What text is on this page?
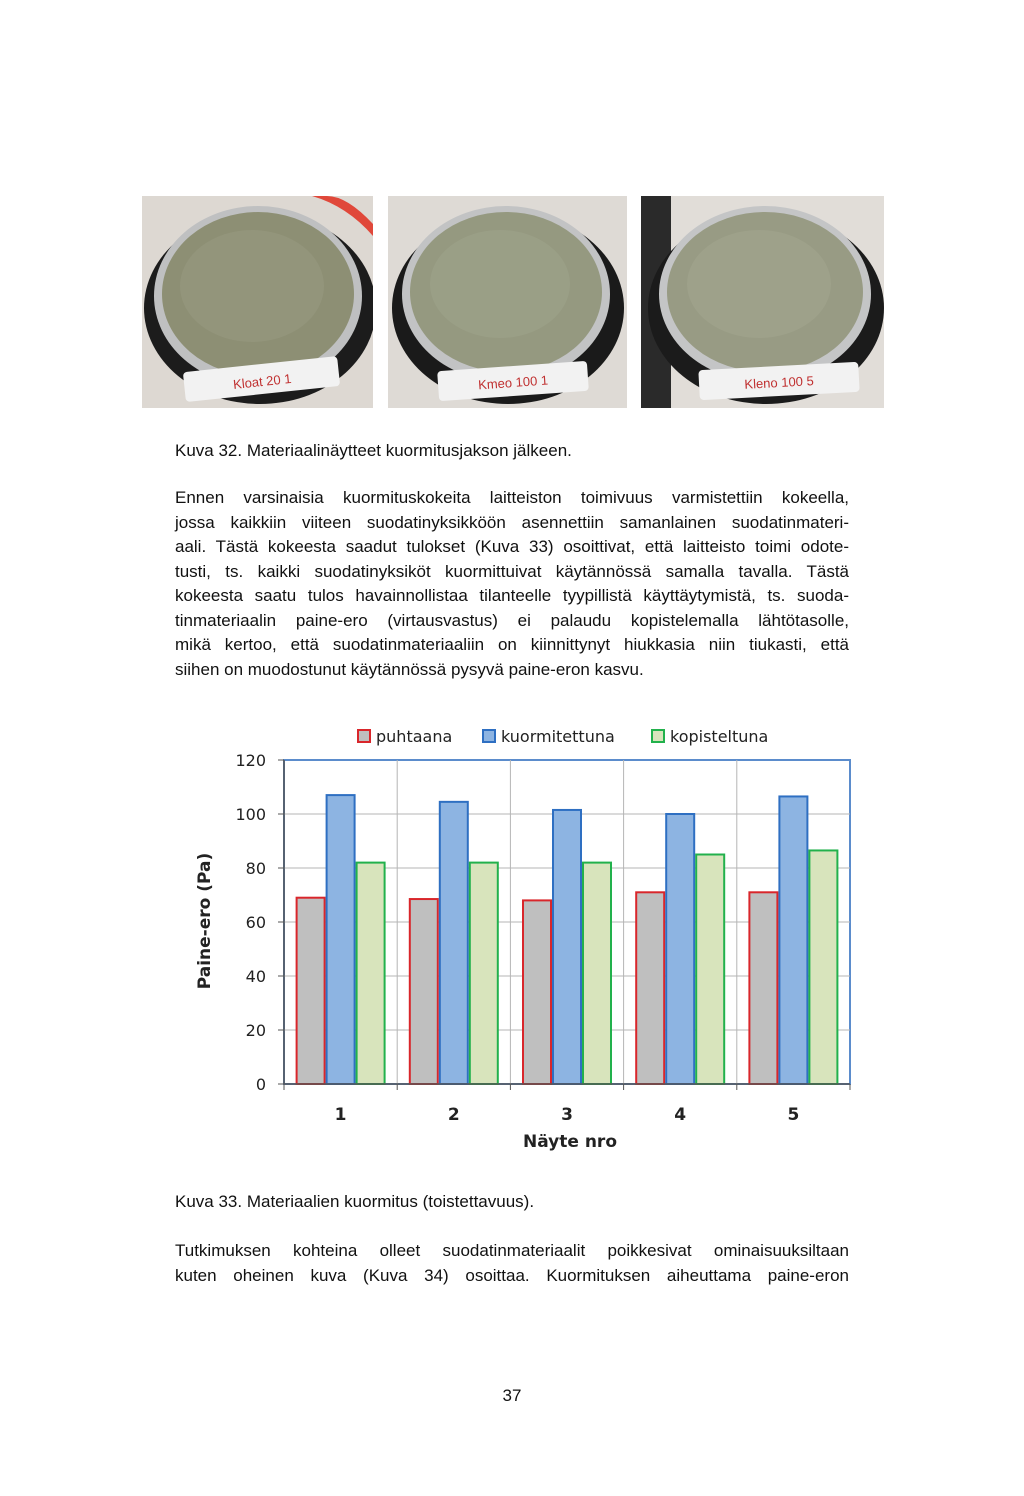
Kloat 20 1	Kmeo 100 1	Kleno 100 5
Kuva 32. Materiaalinäytteet kuormitusjakson jälkeen.
Ennen varsinaisia kuormituskokeita laitteiston toimivuus varmistettiin kokeella,
jossa kaikkiin viiteen suodatinyksikköön asennettiin samanlainen suodatinmateri-
aali. Tästä kokeesta saadut tulokset (Kuva 33) osoittivat, että laitteisto toimi odote-
tusti, ts. kaikki suodatinyksiköt kuormittuivat käytännössä samalla tavalla. Tästä
kokeesta saatu tulos havainnollistaa tilanteelle tyypillistä käyttäytymistä, ts. suoda-
tinmateriaalin paine-ero (virtausvastus) ei palaudu kopistelemalla lähtötasolle,
mikä kertoo, että suodatinmateriaaliin on kiinnittynyt hiukkasia niin tiukasti, että
siihen on muodostunut käytännössä pysyvä paine-eron kasvu.
puhtaana	kuormitettuna	kopisteltuna
0
20
40
60
80
100
120
1	2	3	4	5
Paine-ero (Pa)
Näyte nro
Kuva 33. Materiaalien kuormitus (toistettavuus).
Tutkimuksen kohteina olleet suodatinmateriaalit poikkesivat ominaisuuksiltaan
kuten oheinen kuva (Kuva 34) osoittaa. Kuormituksen aiheuttama paine-eron
37
